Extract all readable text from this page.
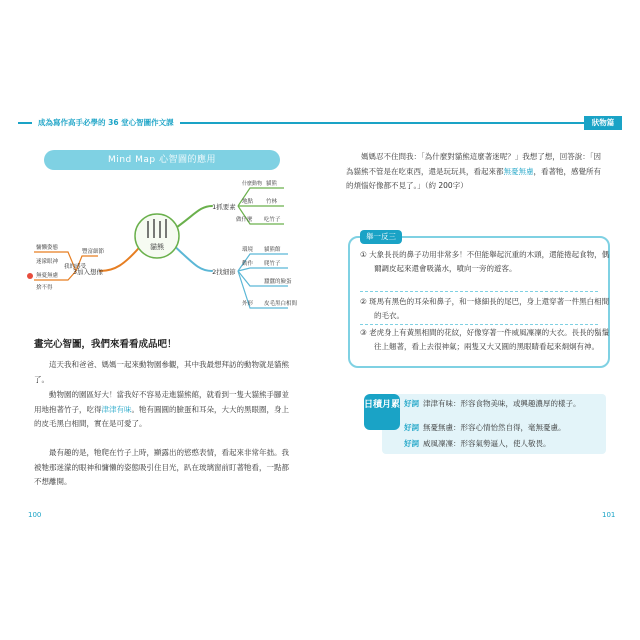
成為寫作高手必學的 36 堂心智圖作文課	狀物篇
Mind Map 心智圖的應用
貓熊
1抓要素
2找細節
3加入想像
什麼動物 貓熊
地點 竹林
做什麼 吃竹子
環境 貓熊館
動作 爬竹子
蠶蠶的臉蛋
外形 皮毛黑白相間
慵懶姿態
豐富細節
迷濛眼神
我的感受
無憂無慮
捨不得
畫完心智圖，我們來看看成品吧！

這天我和爸爸、媽媽一起來動物園參觀，其中我最想拜訪的動物就是貓熊了。

動物園的園區好大！當我好不容易走進貓熊館，就看到一隻大貓熊手腳並用地抱著竹子，吃得津津有味。牠有圓圓的臉蛋和耳朵，大大的黑眼圈，身上的皮毛黑白相間，實在是可愛了。

最有趣的是，牠爬在竹子上時，顯露出的慾憨表情，看起來非常年拙。我被牠那迷濛的眼神和慵懶的姿態吸引住目光，趴在玻璃窗前盯著牠看，一點都不想離開。

100

媽媽忍不住問我：「為什麼對貓熊這麼著迷呢？」我想了想，回答說：「因為貓熊不管是在吃東西，還是玩玩具，看起來都無憂無慮，看著牠，感覺所有的煩惱好像都不見了。」（約 200字）

舉一反三
① 大象長長的鼻子功用非常多！不但能舉起沉重的木頭，還能捲起食物，偶爾調皮起來還會吸滿水，噴向一旁的遊客。
② 斑馬有黑色的耳朵和鼻子，和一條細長的尾巴，身上還穿著一件黑白相間的毛衣。
③ 老虎身上有黃黑相間的花紋，好像穿著一件威風凜凜的大衣。長長的鬍鬚往上翹著，看上去很神氣；兩隻又大又圓的黑眼睛看起來炯炯有神。
好詞 津津有味：形容食物美味，或興趣濃厚的樣子。
好詞 無憂無慮：形容心情怡然自得，毫無憂慮。
好詞 威風凜凜：形容氣勢逼人，使人敬畏。
日積月累
101
